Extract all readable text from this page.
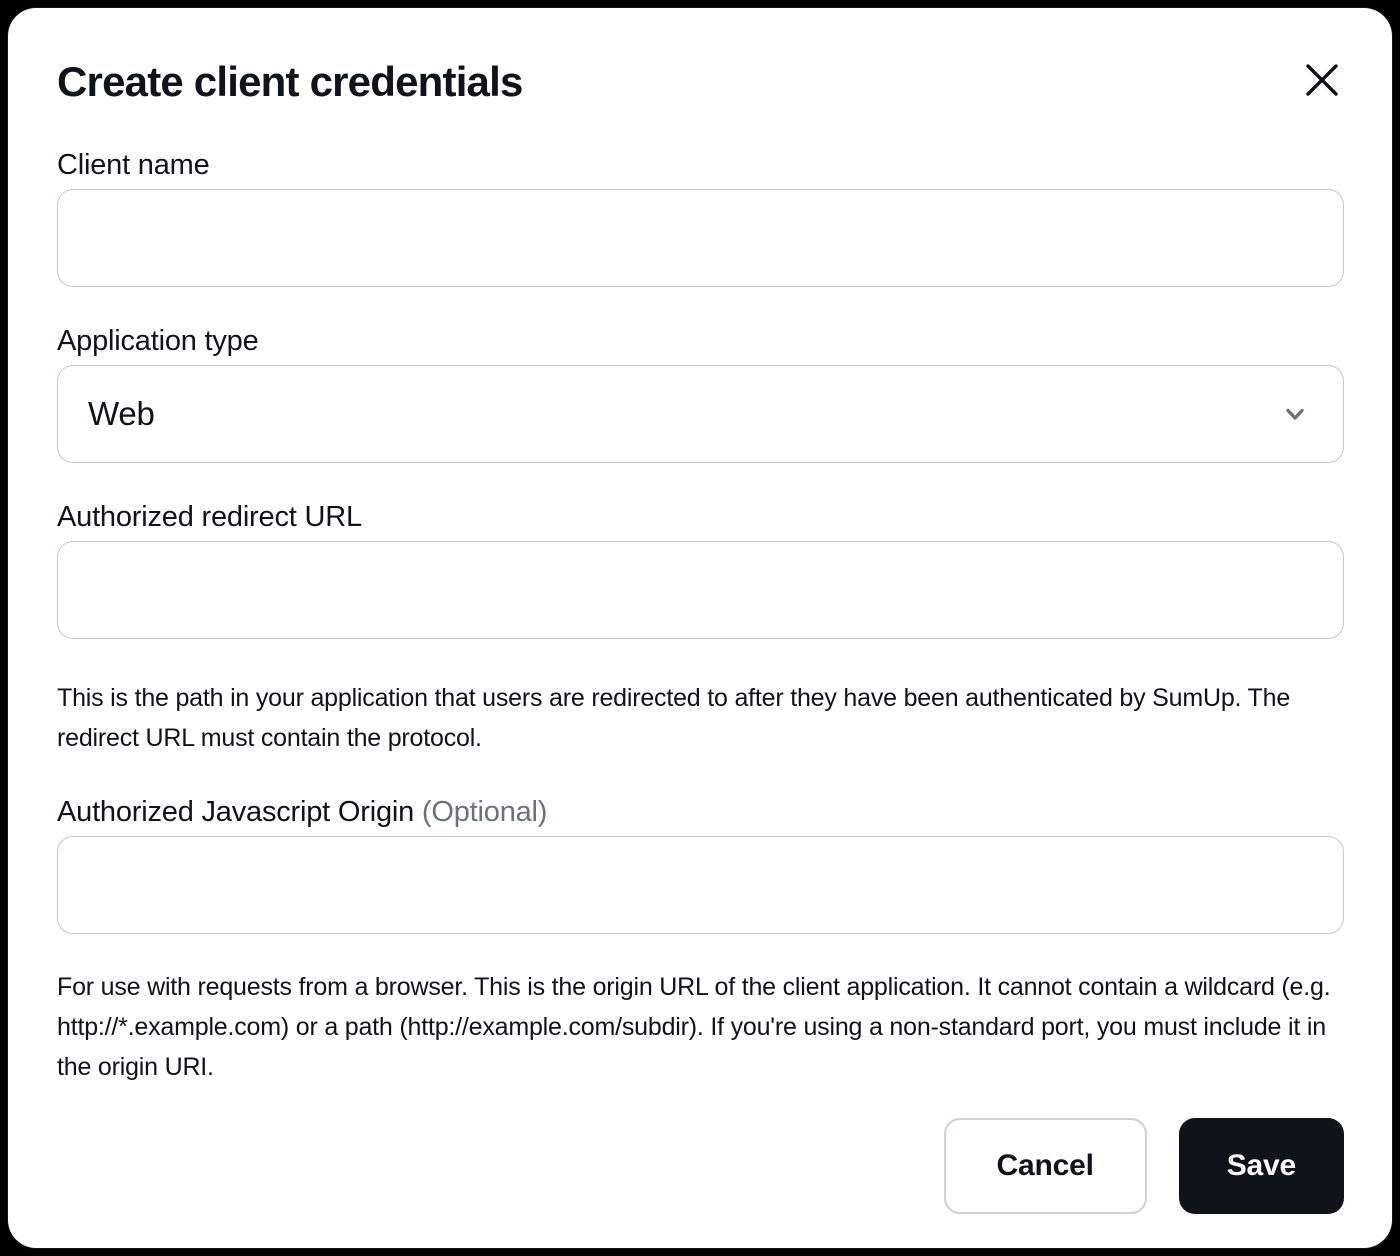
Create client credentials
Client name
Application type
Web
Authorized redirect URL
This is the path in your application that users are redirected to after they have been authenticated by SumUp. The redirect URL must contain the protocol.
Authorized Javascript Origin (Optional)
For use with requests from a browser. This is the origin URL of the client application. It cannot contain a wildcard (e.g. http://*.example.com) or a path (http://example.com/subdir). If you're using a non-standard port, you must include it in the origin URI.
Cancel	Save
